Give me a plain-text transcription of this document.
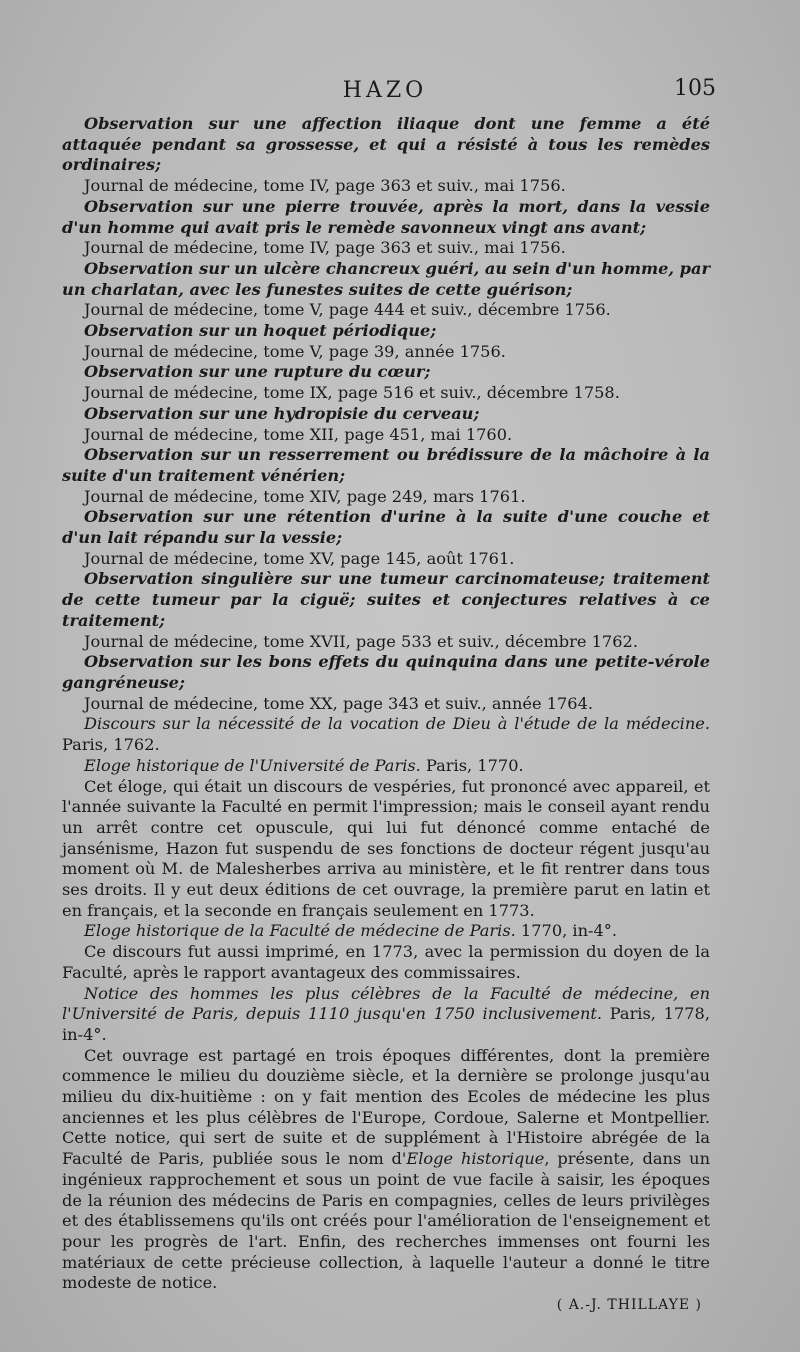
HAZO	105

Observation sur une affection iliaque dont une femme a été attaquée pendant sa grossesse, et qui a résisté à tous les remèdes ordinaires;

Journal de médecine, tome IV, page 363 et suiv., mai 1756.

Observation sur une pierre trouvée, après la mort, dans la vessie d'un homme qui avait pris le remède savonneux vingt ans avant;

Journal de médecine, tome IV, page 363 et suiv., mai 1756.

Observation sur un ulcère chancreux guéri, au sein d'un homme, par un charlatan, avec les funestes suites de cette guérison;

Journal de médecine, tome V, page 444 et suiv., décembre 1756.

Observation sur un hoquet périodique;

Journal de médecine, tome V, page 39, année 1756.

Observation sur une rupture du cœur;

Journal de médecine, tome IX, page 516 et suiv., décembre 1758.

Observation sur une hydropisie du cerveau;

Journal de médecine, tome XII, page 451, mai 1760.

Observation sur un resserrement ou brédissure de la mâchoire à la suite d'un traitement vénérien;

Journal de médecine, tome XIV, page 249, mars 1761.

Observation sur une rétention d'urine à la suite d'une couche et d'un lait répandu sur la vessie;

Journal de médecine, tome XV, page 145, août 1761.

Observation singulière sur une tumeur carcinomateuse; traitement de cette tumeur par la ciguë; suites et conjectures relatives à ce traitement;

Journal de médecine, tome XVII, page 533 et suiv., décembre 1762.

Observation sur les bons effets du quinquina dans une petite-vérole gangréneuse;

Journal de médecine, tome XX, page 343 et suiv., année 1764.

Discours sur la nécessité de la vocation de Dieu à l'étude de la médecine. Paris, 1762.

Eloge historique de l'Université de Paris. Paris, 1770.

Cet éloge, qui était un discours de vespéries, fut prononcé avec appareil, et l'année suivante la Faculté en permit l'impression; mais le conseil ayant rendu un arrêt contre cet opuscule, qui lui fut dénoncé comme entaché de jansénisme, Hazon fut suspendu de ses fonctions de docteur régent jusqu'au moment où M. de Malesherbes arriva au ministère, et le fit rentrer dans tous ses droits. Il y eut deux éditions de cet ouvrage, la première parut en latin et en français, et la seconde en français seulement en 1773.

Eloge historique de la Faculté de médecine de Paris. 1770, in-4°.

Ce discours fut aussi imprimé, en 1773, avec la permission du doyen de la Faculté, après le rapport avantageux des commissaires.

Notice des hommes les plus célèbres de la Faculté de médecine, en l'Université de Paris, depuis 1110 jusqu'en 1750 inclusivement. Paris, 1778, in-4°.

Cet ouvrage est partagé en trois époques différentes, dont la première commence le milieu du douzième siècle, et la dernière se prolonge jusqu'au milieu du dix-huitième : on y fait mention des Ecoles de médecine les plus anciennes et les plus célèbres de l'Europe, Cordoue, Salerne et Montpellier. Cette notice, qui sert de suite et de supplément à l'Histoire abrégée de la Faculté de Paris, publiée sous le nom d'Eloge historique, présente, dans un ingénieux rapprochement et sous un point de vue facile à saisir, les époques de la réunion des médecins de Paris en compagnies, celles de leurs privilèges et des établissemens qu'ils ont créés pour l'amélioration de l'enseignement et pour les progrès de l'art. Enfin, des recherches immenses ont fourni les matériaux de cette précieuse collection, à laquelle l'auteur a donné le titre modeste de notice.

( A.-J. THILLAYE )
